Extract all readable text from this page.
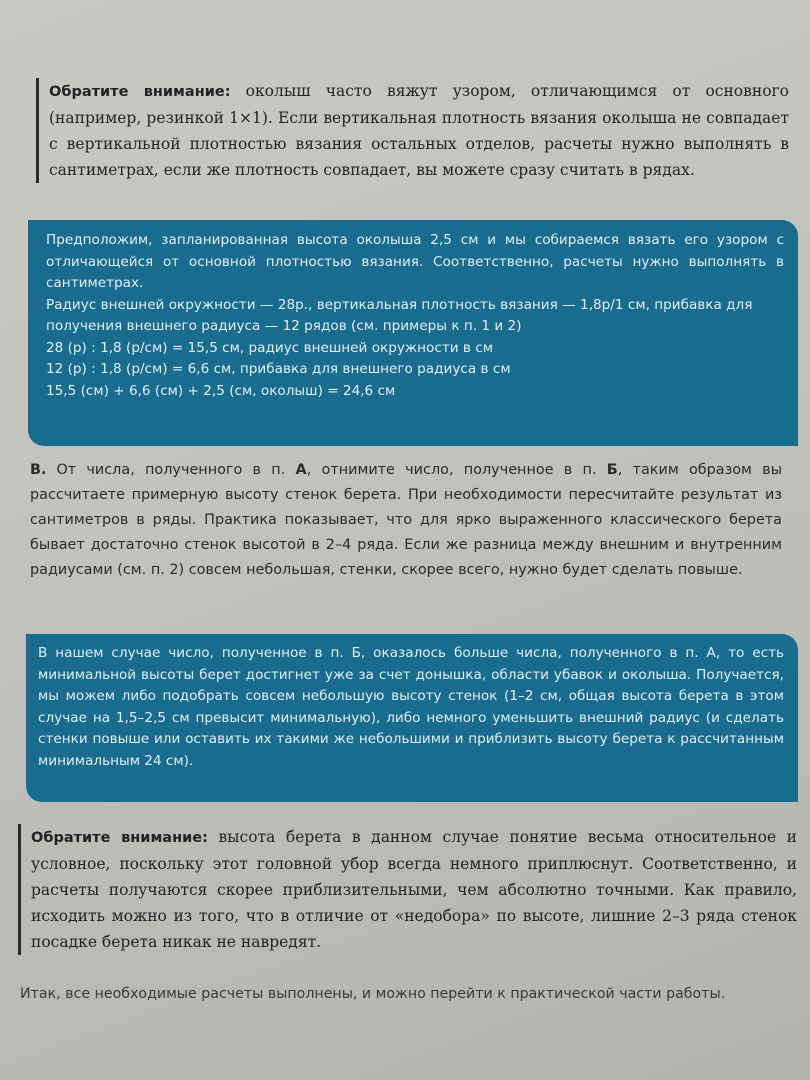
Обратите внимание: околыш часто вяжут узором, отличающимся от основного (например, резинкой 1×1). Если вертикальная плотность вязания околыша не совпадает с вертикальной плотностью вязания остальных отделов, расчеты нужно выполнять в сантиметрах, если же плотность совпадает, вы можете сразу считать в рядах.

Предположим, запланированная высота околыша 2,5 см и мы собираемся вязать его узором с отличающейся от основной плотностью вязания. Соответственно, расчеты нужно выполнять в сантиметрах.

Радиус внешней окружности — 28р., вертикальная плотность вязания — 1,8р/1 см, прибавка для получения внешнего радиуса — 12 рядов (см. примеры к п. 1 и 2)

28 (р) : 1,8 (р/см) = 15,5 см, радиус внешней окружности в см

12 (р) : 1,8 (р/см) = 6,6 см, прибавка для внешнего радиуса в см

15,5 (см) + 6,6 (см) + 2,5 (см, околыш) = 24,6 см

В. От числа, полученного в п. А, отнимите число, полученное в п. Б, таким образом вы рассчитаете примерную высоту стенок берета. При необходимости пересчитайте результат из сантиметров в ряды. Практика показывает, что для ярко выраженного классического берета бывает достаточно стенок высотой в 2–4 ряда. Если же разница между внешним и внутренним радиусами (см. п. 2) совсем небольшая, стенки, скорее всего, нужно будет сделать повыше.

В нашем случае число, полученное в п. Б, оказалось больше числа, полученного в п. А, то есть минимальной высоты берет достигнет уже за счет донышка, области убавок и околыша. Получается, мы можем либо подобрать совсем небольшую высоту стенок (1–2 см, общая высота берета в этом случае на 1,5–2,5 см превысит минимальную), либо немного уменьшить внешний радиус (и сделать стенки повыше или оставить их такими же небольшими и приблизить высоту берета к рассчитанным минимальным 24 см).

Обратите внимание: высота берета в данном случае понятие весьма относительное и условное, поскольку этот головной убор всегда немного приплюснут. Соответственно, и расчеты получаются скорее приблизительными, чем абсолютно точными. Как правило, исходить можно из того, что в отличие от «недобора» по высоте, лишние 2–3 ряда стенок посадке берета никак не навредят.

Итак, все необходимые расчеты выполнены, и можно перейти к практической части работы.
